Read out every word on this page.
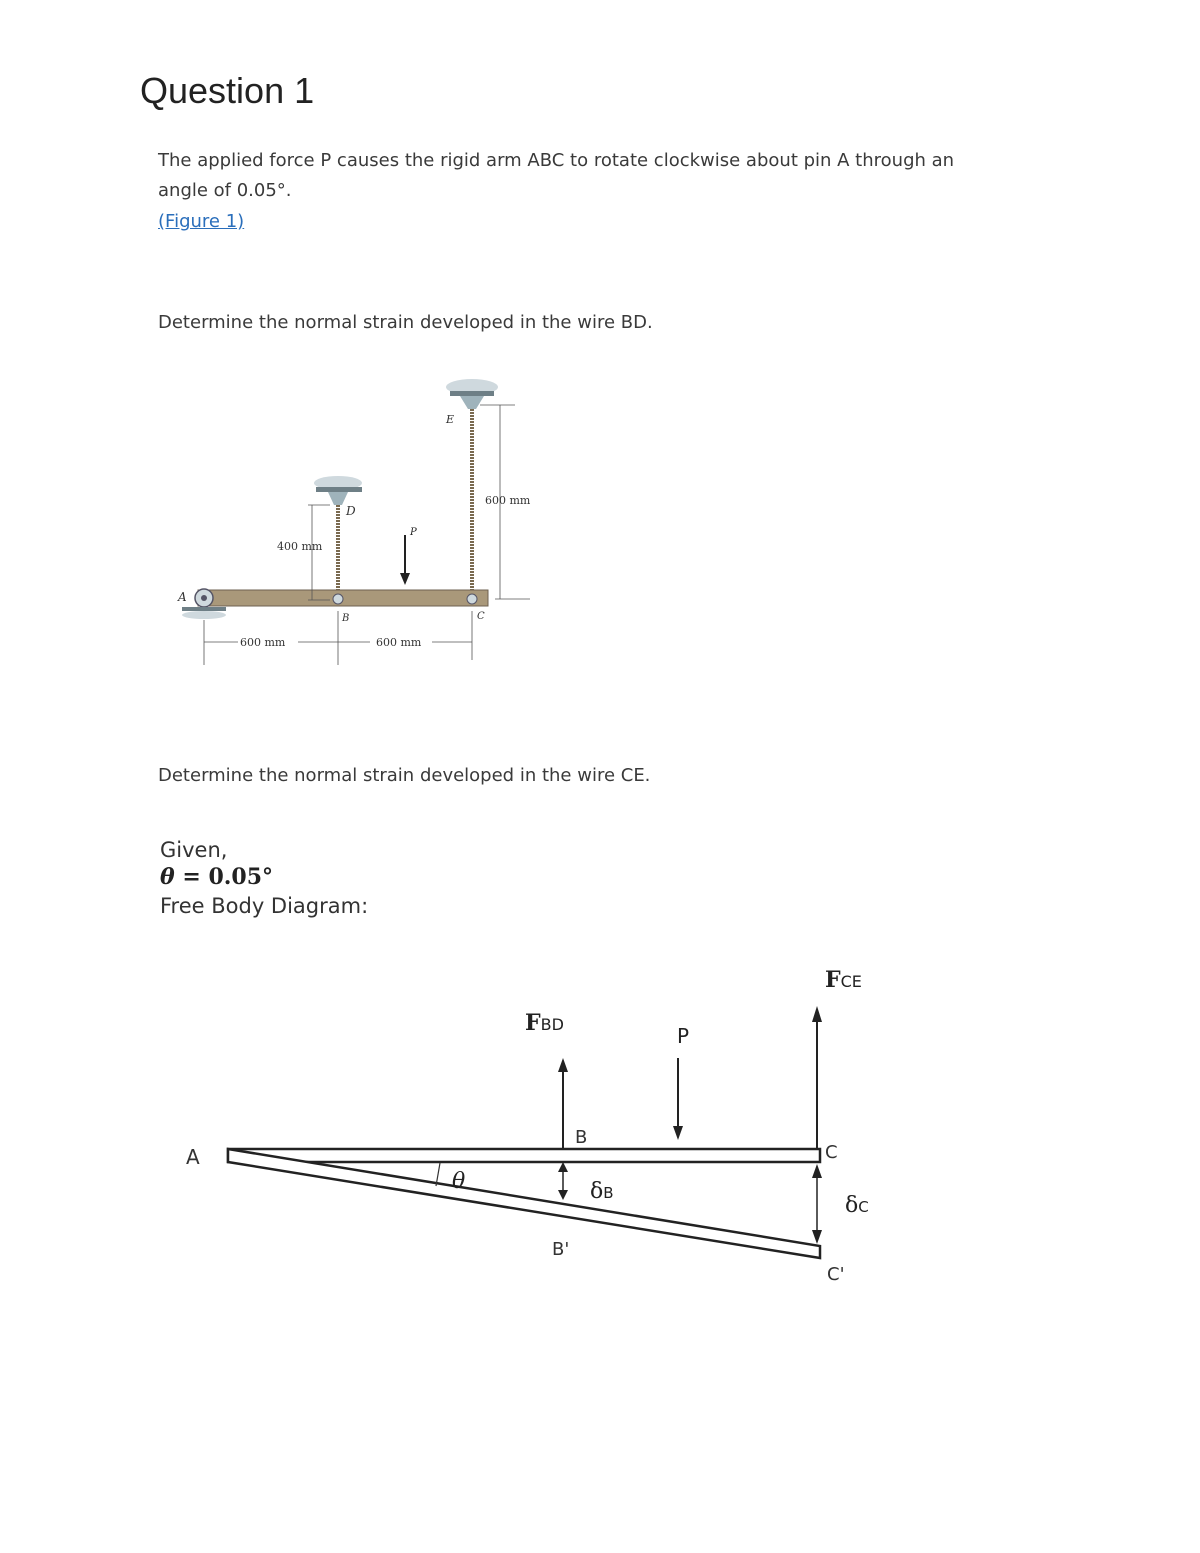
Question 1
The applied force P causes the rigid arm ABC to rotate clockwise about pin A through an
angle of 0.05°.
(Figure 1)
Determine the normal strain developed in the wire BD.
P
400 mm
600 mm
600 mm	600 mm
A
B	C
D
E
Determine the normal strain developed in the wire CE.
Given,
θ = 0.05°
Free Body Diagram:
θ
FBD
B
δB
B'
P
FCE
C
δC
C'
A
